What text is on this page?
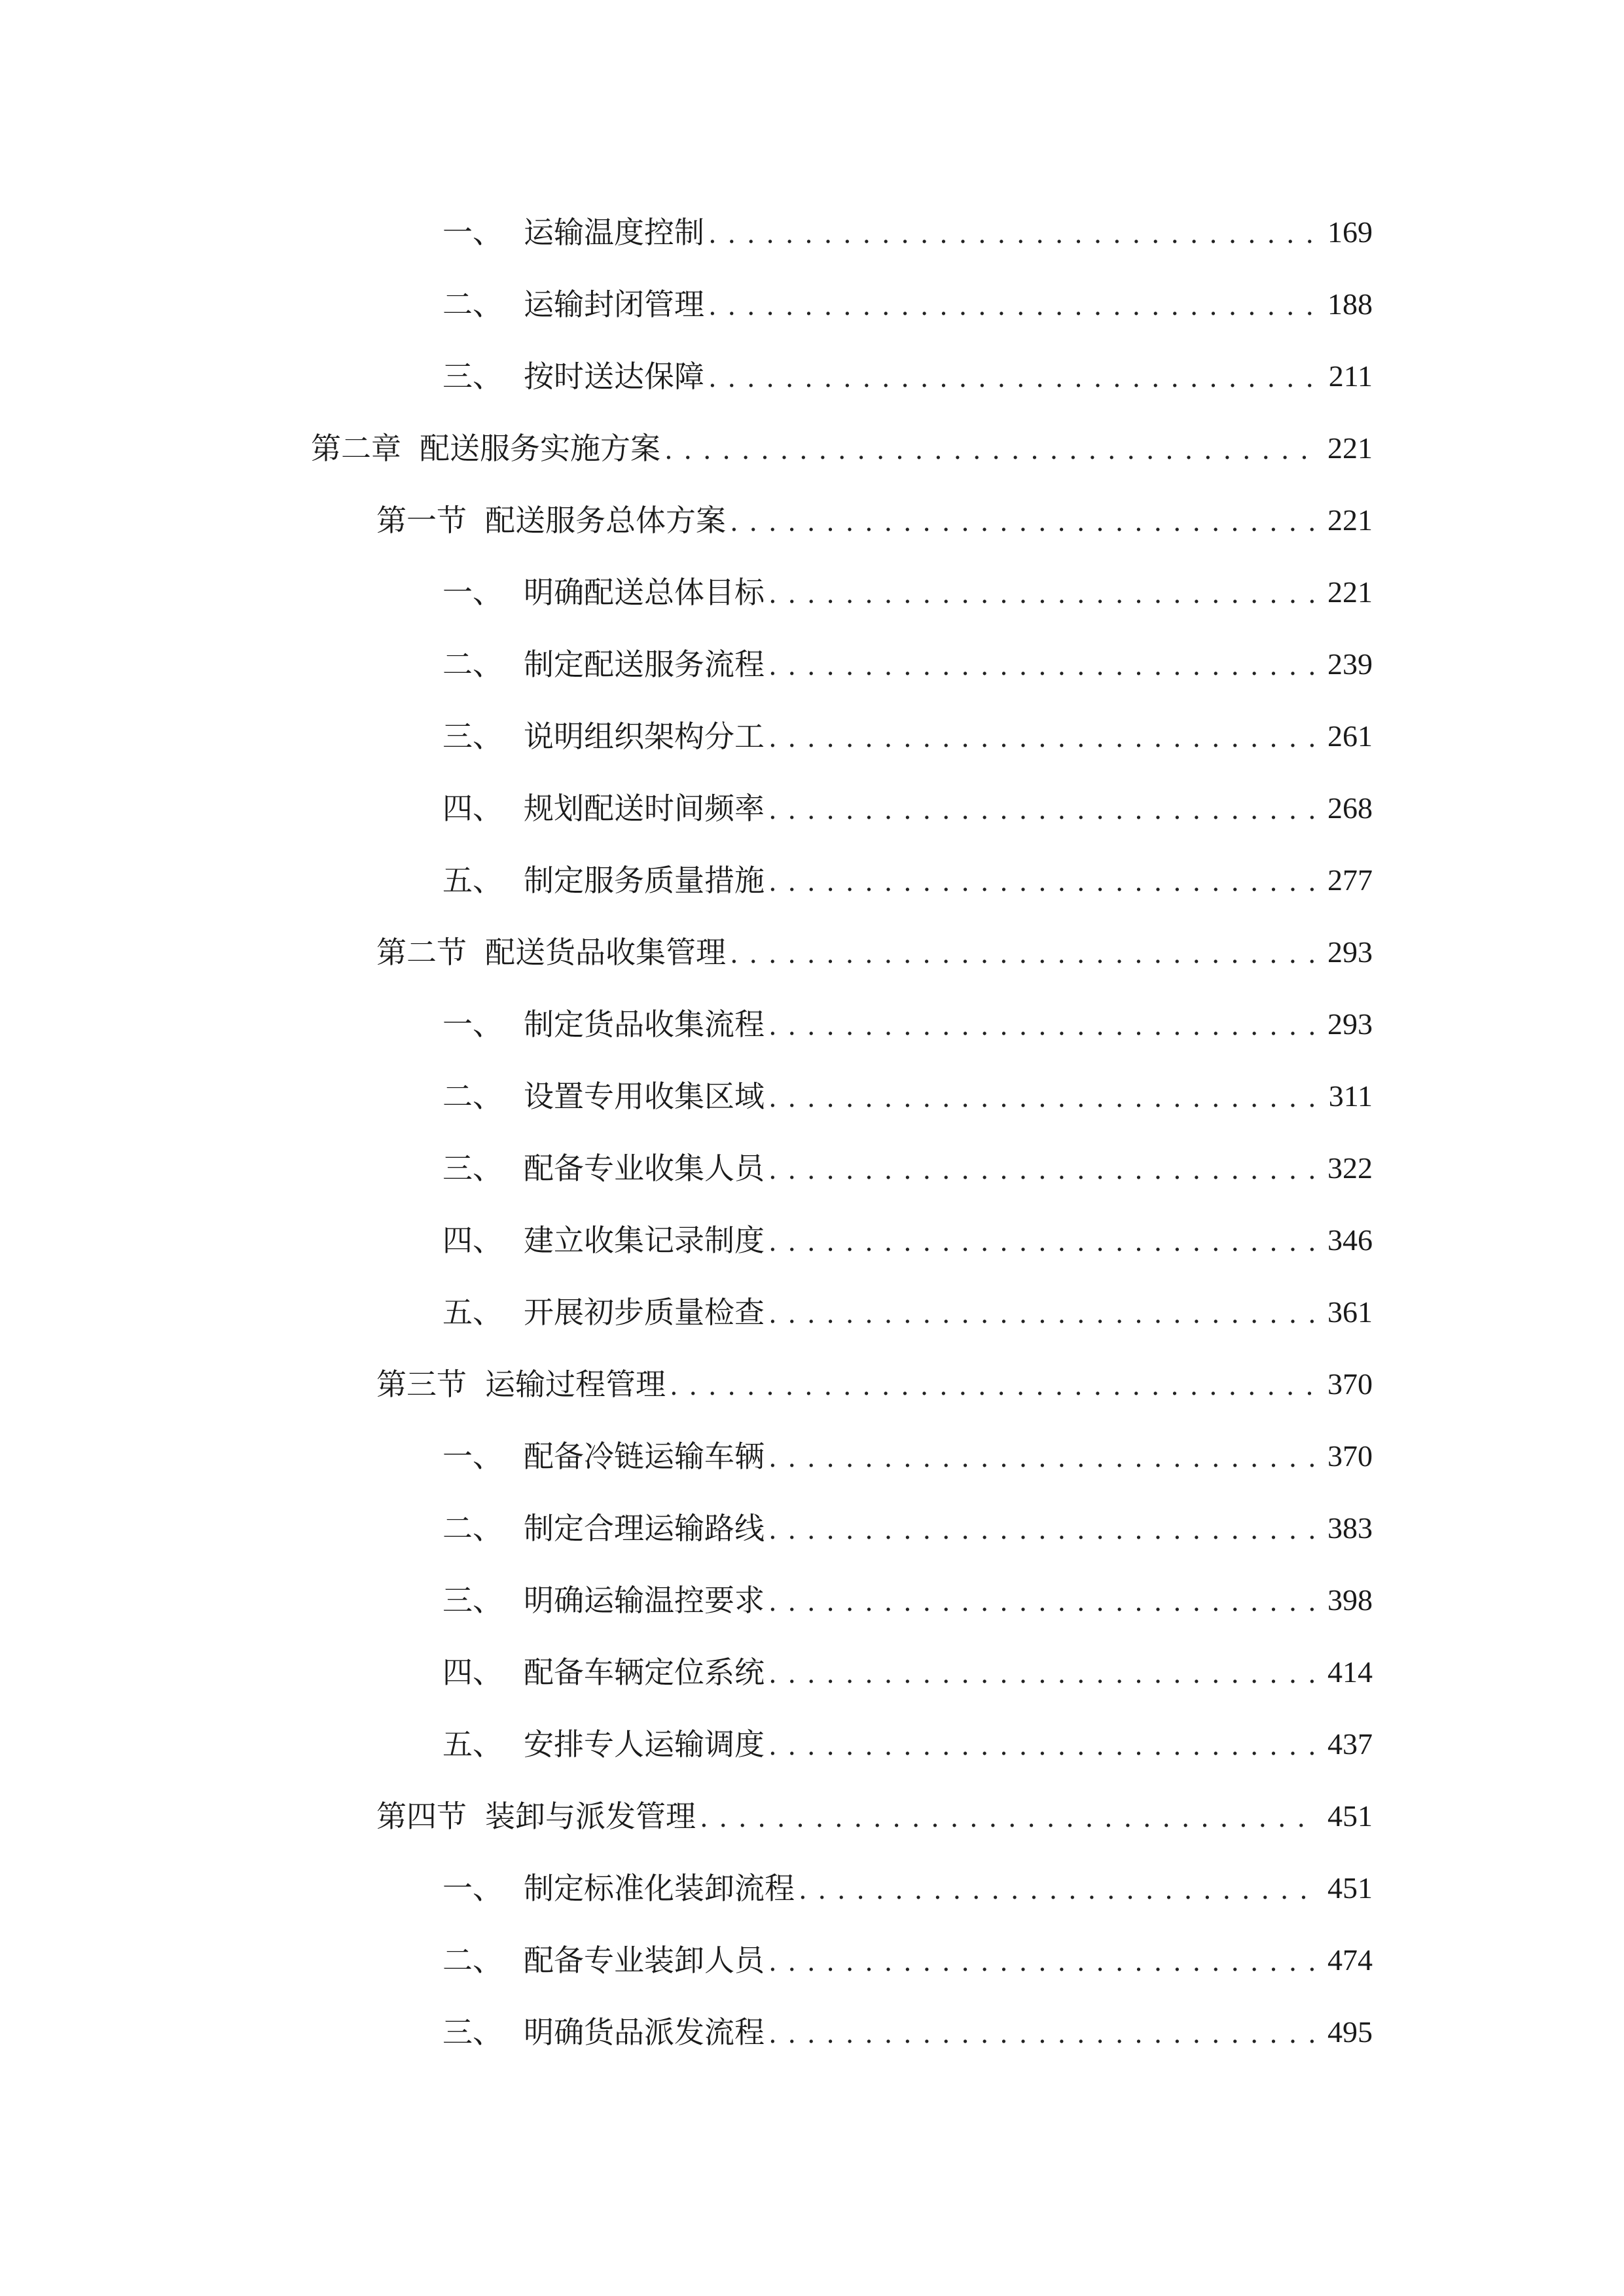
一、 运输温度控制 . . .	169
二、 运输封闭管理 . . .	188
三、 按时送达保障 . . .	211
第二章 配送服务实施方案 . . .	221
第一节 配送服务总体方案 . . .	221
一、 明确配送总体目标 . . .	221
二、 制定配送服务流程 . . .	239
三、 说明组织架构分工 . . .	261
四、 规划配送时间频率 . . .	268
五、 制定服务质量措施 . . .	277
第二节 配送货品收集管理 . . .	293
一、 制定货品收集流程 . . .	293
二、 设置专用收集区域 . . .	311
三、 配备专业收集人员 . . .	322
四、 建立收集记录制度 . . .	346
五、 开展初步质量检查 . . .	361
第三节 运输过程管理 . . .	370
一、 配备冷链运输车辆 . . .	370
二、 制定合理运输路线 . . .	383
三、 明确运输温控要求 . . .	398
四、 配备车辆定位系统 . . .	414
五、 安排专人运输调度 . . .	437
第四节 装卸与派发管理 . . .	451
一、 制定标准化装卸流程 . . .	451
二、 配备专业装卸人员 . . .	474
三、 明确货品派发流程 . . .	495
